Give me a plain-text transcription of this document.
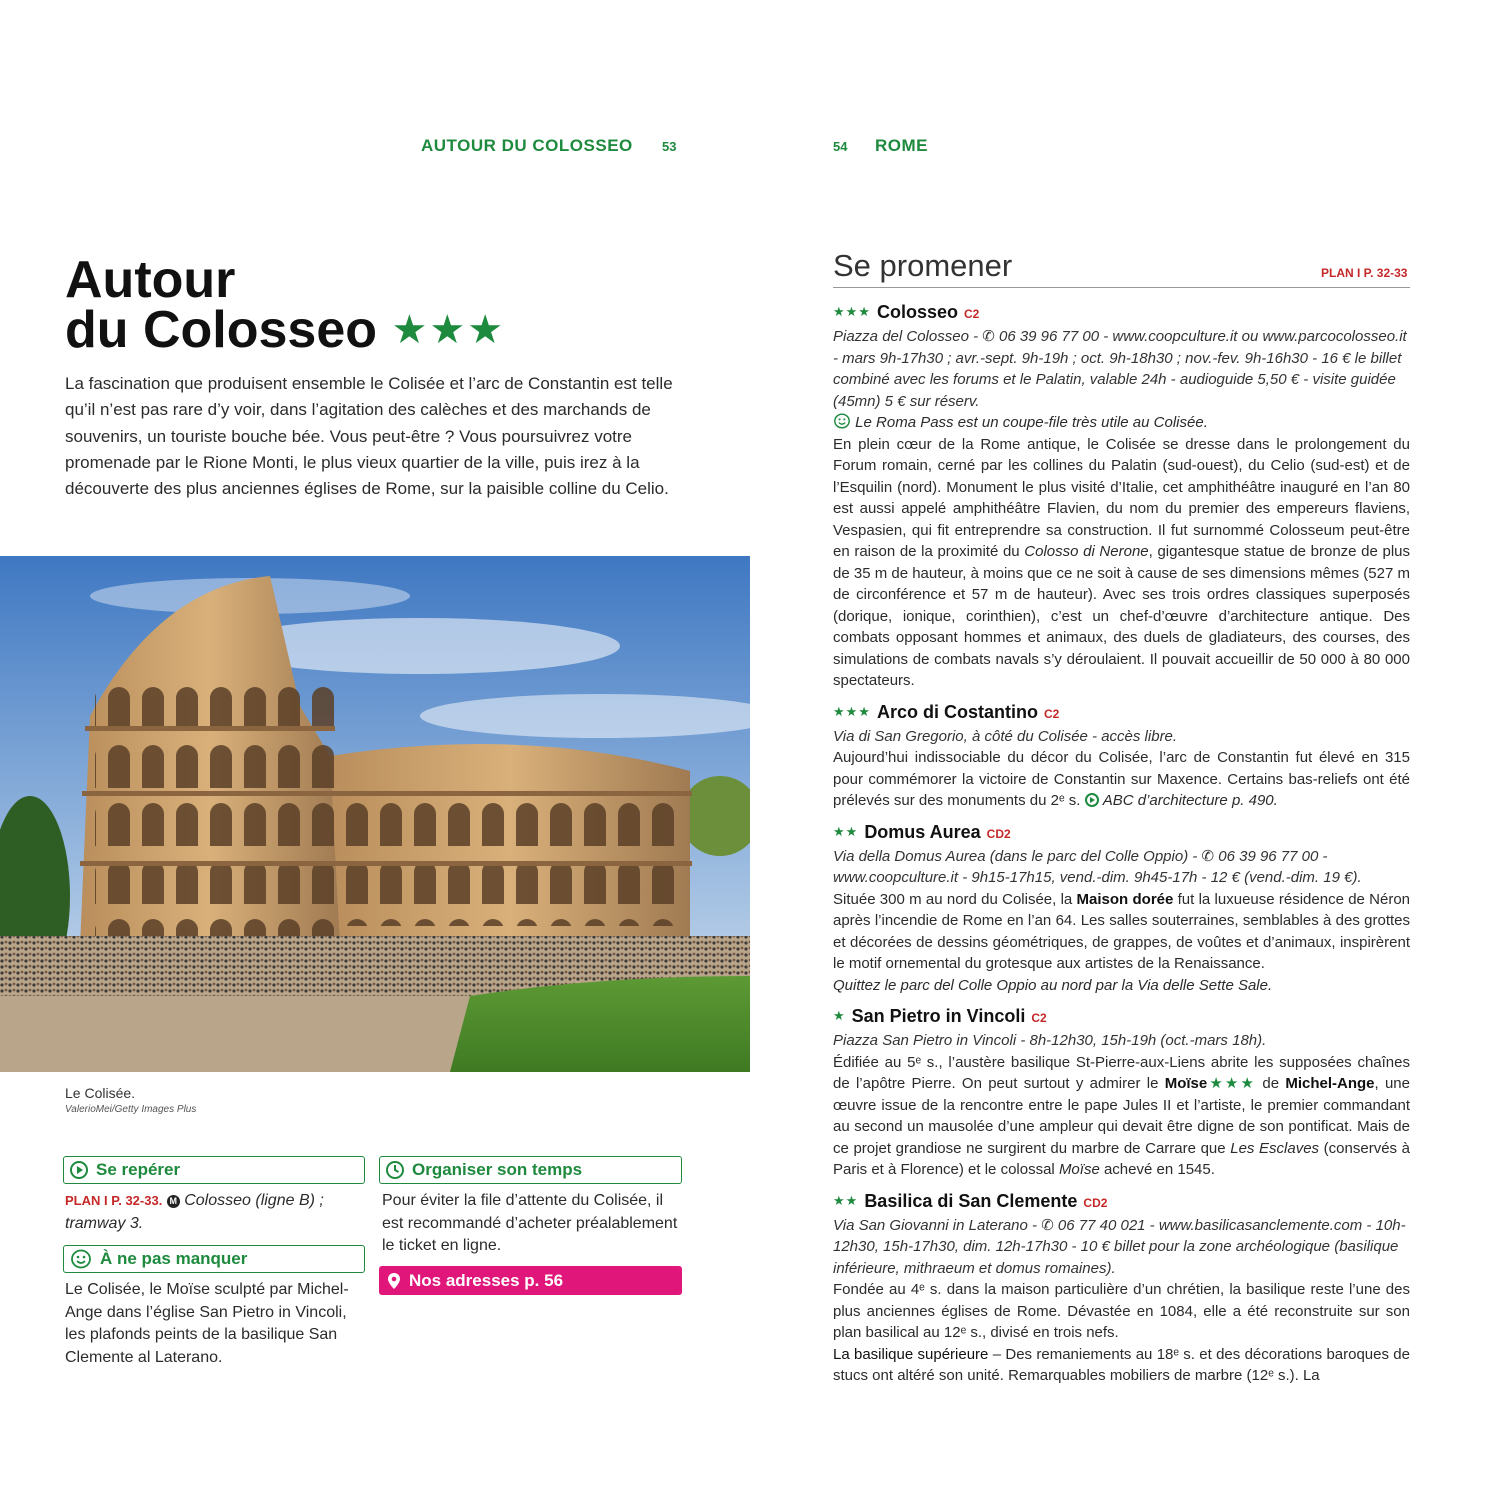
AUTOUR DU COLOSSEO 53
Autour
du Colosseo ★★★

La fascination que produisent ensemble le Colisée et l’arc de Constantin est telle qu’il n’est pas rare d’y voir, dans l’agitation des calèches et des marchands de souvenirs, un touriste bouche bée. Vous peut-être ? Vous poursuivrez votre promenade par le Rione Monti, le plus vieux quartier de la ville, puis irez à la découverte des plus anciennes églises de Rome, sur la paisible colline du Celio.

Le Colisée.
ValerioMei/Getty Images Plus
Se repérer
PLAN I P. 32-33. M Colosseo (ligne B) ; tramway 3.
À ne pas manquer
Le Colisée, le Moïse sculpté par Michel-Ange dans l’église San Pietro in Vincoli, les plafonds peints de la basilique San Clemente al Laterano.
Organiser son temps
Pour éviter la file d’attente du Colisée, il est recommandé d’acheter préalablement le ticket en ligne.
Nos adresses p. 56
54 ROME
Se promener	PLAN I P. 32-33
★★★ Colosseo C2
Piazza del Colosseo - ✆ 06 39 96 77 00 - www.coopculture.it ou www.parcocolosseo.it - mars 9h-17h30 ; avr.-sept. 9h-19h ; oct. 9h-18h30 ; nov.-fev. 9h-16h30 - 16 € le billet combiné avec les forums et le Palatin, valable 24h - audioguide 5,50 € - visite guidée (45mn) 5 € sur réserv.
Le Roma Pass est un coupe-file très utile au Colisée.
En plein cœur de la Rome antique, le Colisée se dresse dans le prolongement du Forum romain, cerné par les collines du Palatin (sud-ouest), du Celio (sud-est) et de l’Esquilin (nord). Monument le plus visité d’Italie, cet amphithéâtre inauguré en l’an 80 est aussi appelé amphithéâtre Flavien, du nom du premier des empereurs flaviens, Vespasien, qui fit entreprendre sa construction. Il fut surnommé Colosseum peut-être en raison de la proximité du Colosso di Nerone, gigantesque statue de bronze de plus de 35 m de hauteur, à moins que ce ne soit à cause de ses dimensions mêmes (527 m de circonférence et 57 m de hauteur). Avec ses trois ordres classiques superposés (dorique, ionique, corinthien), c’est un chef-d’œuvre d’architecture antique. Des combats opposant hommes et animaux, des duels de gladiateurs, des courses, des simulations de combats navals s’y déroulaient. Il pouvait accueillir de 50 000 à 80 000 spectateurs.
★★★ Arco di Costantino C2
Via di San Gregorio, à côté du Colisée - accès libre.
Aujourd’hui indissociable du décor du Colisée, l’arc de Constantin fut élevé en 315 pour commémorer la victoire de Constantin sur Maxence. Certains bas-reliefs ont été prélevés sur des monuments du 2ᵉ s. ABC d’architecture p. 490.
★★ Domus Aurea CD2
Via della Domus Aurea (dans le parc del Colle Oppio) - ✆ 06 39 96 77 00 - www.coopculture.it - 9h15-17h15, vend.-dim. 9h45-17h - 12 € (vend.-dim. 19 €).
Située 300 m au nord du Colisée, la Maison dorée fut la luxueuse résidence de Néron après l’incendie de Rome en l’an 64. Les salles souterraines, semblables à des grottes et décorées de dessins géométriques, de grappes, de voûtes et d’animaux, inspirèrent le motif ornemental du grotesque aux artistes de la Renaissance.
Quittez le parc del Colle Oppio au nord par la Via delle Sette Sale.
★ San Pietro in Vincoli C2
Piazza San Pietro in Vincoli - 8h-12h30, 15h-19h (oct.-mars 18h).
Édifiée au 5ᵉ s., l’austère basilique St-Pierre-aux-Liens abrite les supposées chaînes de l’apôtre Pierre. On peut surtout y admirer le Moïse★★★ de Michel-Ange, une œuvre issue de la rencontre entre le pape Jules II et l’artiste, le premier commandant au second un mausolée d’une ampleur qui devait être digne de son pontificat. Mais de ce projet grandiose ne surgirent du marbre de Carrare que Les Esclaves (conservés à Paris et à Florence) et le colossal Moïse achevé en 1545.
★★ Basilica di San Clemente CD2
Via San Giovanni in Laterano - ✆ 06 77 40 021 - www.basilicasanclemente.com - 10h-12h30, 15h-17h30, dim. 12h-17h30 - 10 € billet pour la zone archéologique (basilique inférieure, mithraeum et domus romaines).
Fondée au 4ᵉ s. dans la maison particulière d’un chrétien, la basilique reste l’une des plus anciennes églises de Rome. Dévastée en 1084, elle a été reconstruite sur son plan basilical au 12ᵉ s., divisé en trois nefs.
La basilique supérieure – Des remaniements au 18ᵉ s. et des décorations baroques de stucs ont altéré son unité. Remarquables mobiliers de marbre (12ᵉ s.). La
